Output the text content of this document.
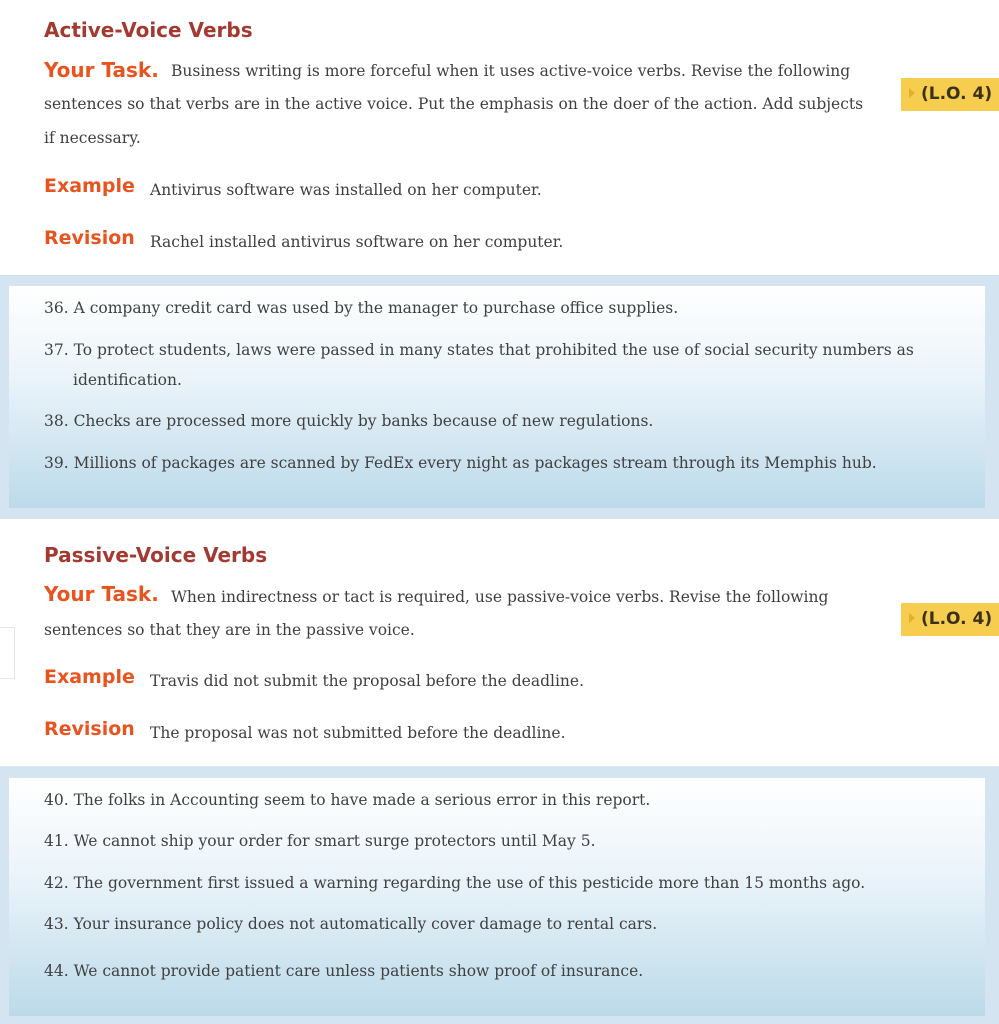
Active-Voice Verbs
Your Task. Business writing is more forceful when it uses active-voice verbs. Revise the following
sentences so that verbs are in the active voice. Put the emphasis on the doer of the action. Add subjects
if necessary.
(L.O. 4)
Example Antivirus software was installed on her computer.
Revision Rachel installed antivirus software on her computer.
36. A company credit card was used by the manager to purchase office supplies.
37. To protect students, laws were passed in many states that prohibited the use of social security numbers as
identification.
38. Checks are processed more quickly by banks because of new regulations.
39. Millions of packages are scanned by FedEx every night as packages stream through its Memphis hub.
Passive-Voice Verbs
Your Task. When indirectness or tact is required, use passive-voice verbs. Revise the following
sentences so that they are in the passive voice.
(L.O. 4)
Example Travis did not submit the proposal before the deadline.
Revision The proposal was not submitted before the deadline.
40. The folks in Accounting seem to have made a serious error in this report.
41. We cannot ship your order for smart surge protectors until May 5.
42. The government first issued a warning regarding the use of this pesticide more than 15 months ago.
43. Your insurance policy does not automatically cover damage to rental cars.
44. We cannot provide patient care unless patients show proof of insurance.
